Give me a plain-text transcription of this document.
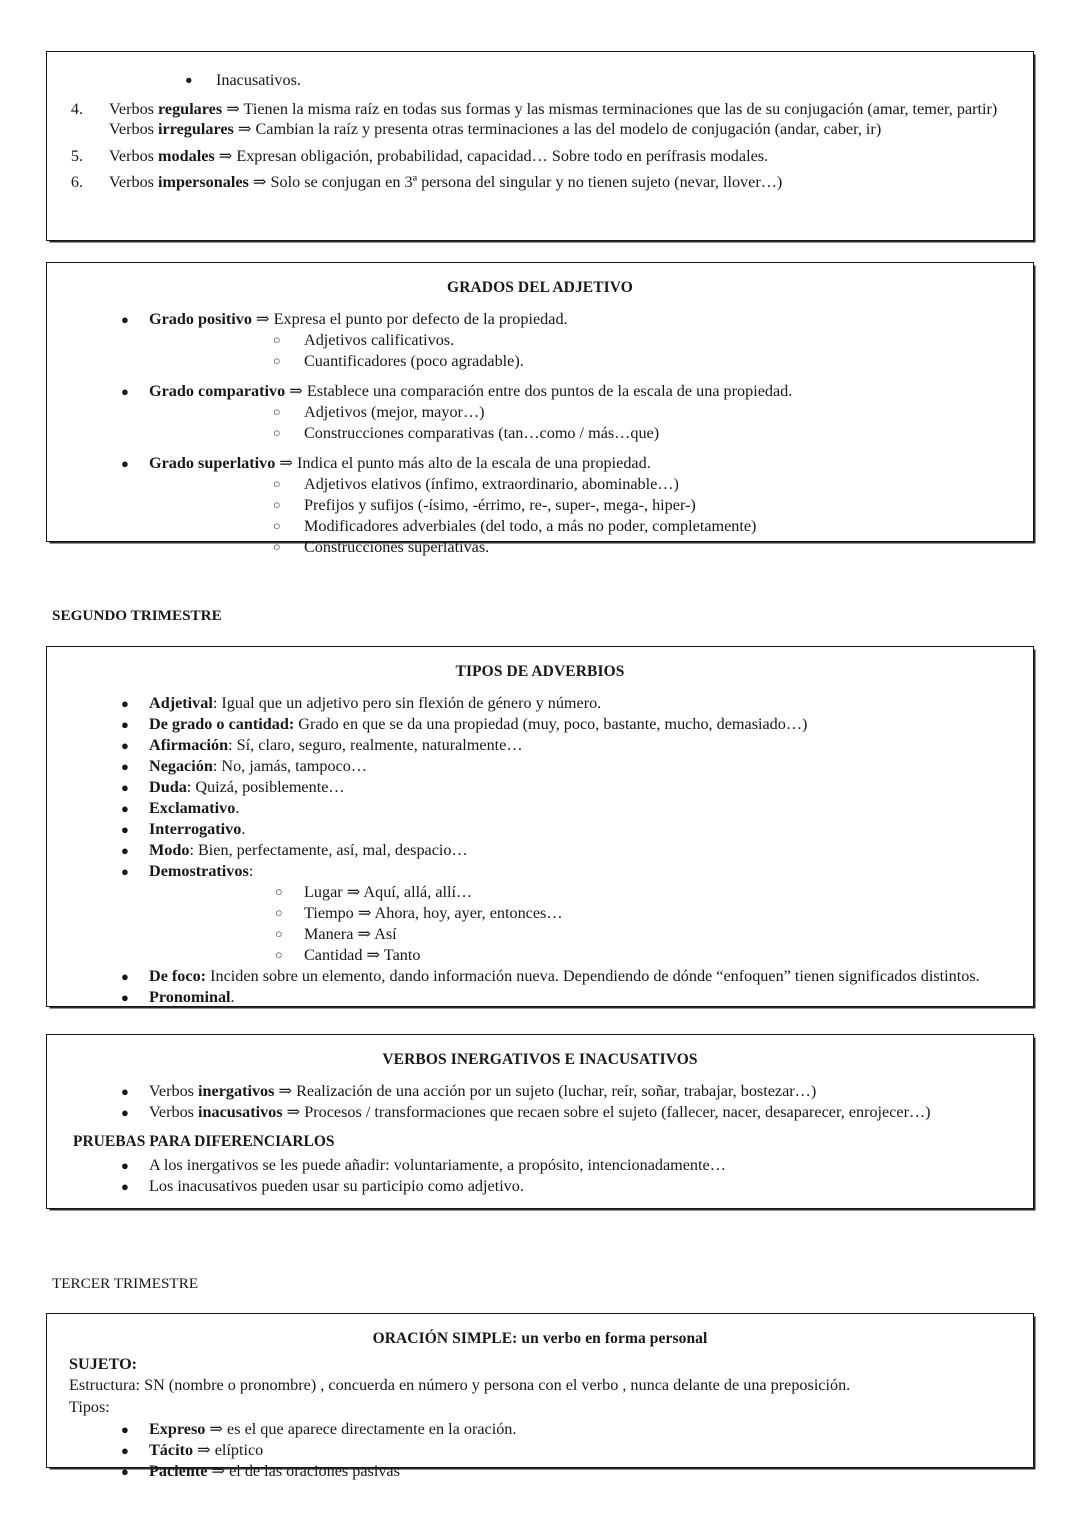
● Inacusativos.
4. Verbos regulares ⇒ Tienen la misma raíz en todas sus formas y las mismas terminaciones que las de su conjugación (amar, temer, partir)
Verbos irregulares ⇒ Cambian la raíz y presenta otras terminaciones a las del modelo de conjugación (andar, caber, ir)
5. Verbos modales ⇒ Expresan obligación, probabilidad, capacidad… Sobre todo en perífrasis modales.
6. Verbos impersonales ⇒ Solo se conjugan en 3ª persona del singular y no tienen sujeto (nevar, llover…)
GRADOS DEL ADJETIVO
● Grado positivo ⇒ Expresa el punto por defecto de la propiedad.
○ Adjetivos calificativos.
○ Cuantificadores (poco agradable).
● Grado comparativo ⇒ Establece una comparación entre dos puntos de la escala de una propiedad.
○ Adjetivos (mejor, mayor…)
○ Construcciones comparativas (tan…como / más…que)
● Grado superlativo ⇒ Indica el punto más alto de la escala de una propiedad.
○ Adjetivos elativos (ínfimo, extraordinario, abominable…)
○ Prefijos y sufijos (-ísimo, -érrimo, re-, super-, mega-, hiper-)
○ Modificadores adverbiales (del todo, a más no poder, completamente)
○ Construcciones superlativas.
SEGUNDO TRIMESTRE
TIPOS DE ADVERBIOS
● Adjetival: Igual que un adjetivo pero sin flexión de género y número.
● De grado o cantidad: Grado en que se da una propiedad (muy, poco, bastante, mucho, demasiado…)
● Afirmación: Sí, claro, seguro, realmente, naturalmente…
● Negación: No, jamás, tampoco…
● Duda: Quizá, posiblemente…
● Exclamativo.
● Interrogativo.
● Modo: Bien, perfectamente, así, mal, despacio…
● Demostrativos:
○ Lugar ⇒ Aquí, allá, allí…
○ Tiempo ⇒ Ahora, hoy, ayer, entonces…
○ Manera ⇒ Así
○ Cantidad ⇒ Tanto
● De foco: Inciden sobre un elemento, dando información nueva. Dependiendo de dónde “enfoquen” tienen significados distintos.
● Pronominal.
VERBOS INERGATIVOS E INACUSATIVOS
● Verbos inergativos ⇒ Realización de una acción por un sujeto (luchar, reír, soñar, trabajar, bostezar…)
● Verbos inacusativos ⇒ Procesos / transformaciones que recaen sobre el sujeto (fallecer, nacer, desaparecer, enrojecer…)
PRUEBAS PARA DIFERENCIARLOS
● A los inergativos se les puede añadir: voluntariamente, a propósito, intencionadamente…
● Los inacusativos pueden usar su participio como adjetivo.
TERCER TRIMESTRE
ORACIÓN SIMPLE: un verbo en forma personal
SUJETO:
Estructura: SN (nombre o pronombre) , concuerda en número y persona con el verbo , nunca delante de una preposición.
Tipos:
● Expreso ⇒ es el que aparece directamente en la oración.
● Tácito ⇒ elíptico
● Paciente ⇒ el de las oraciones pasivas
